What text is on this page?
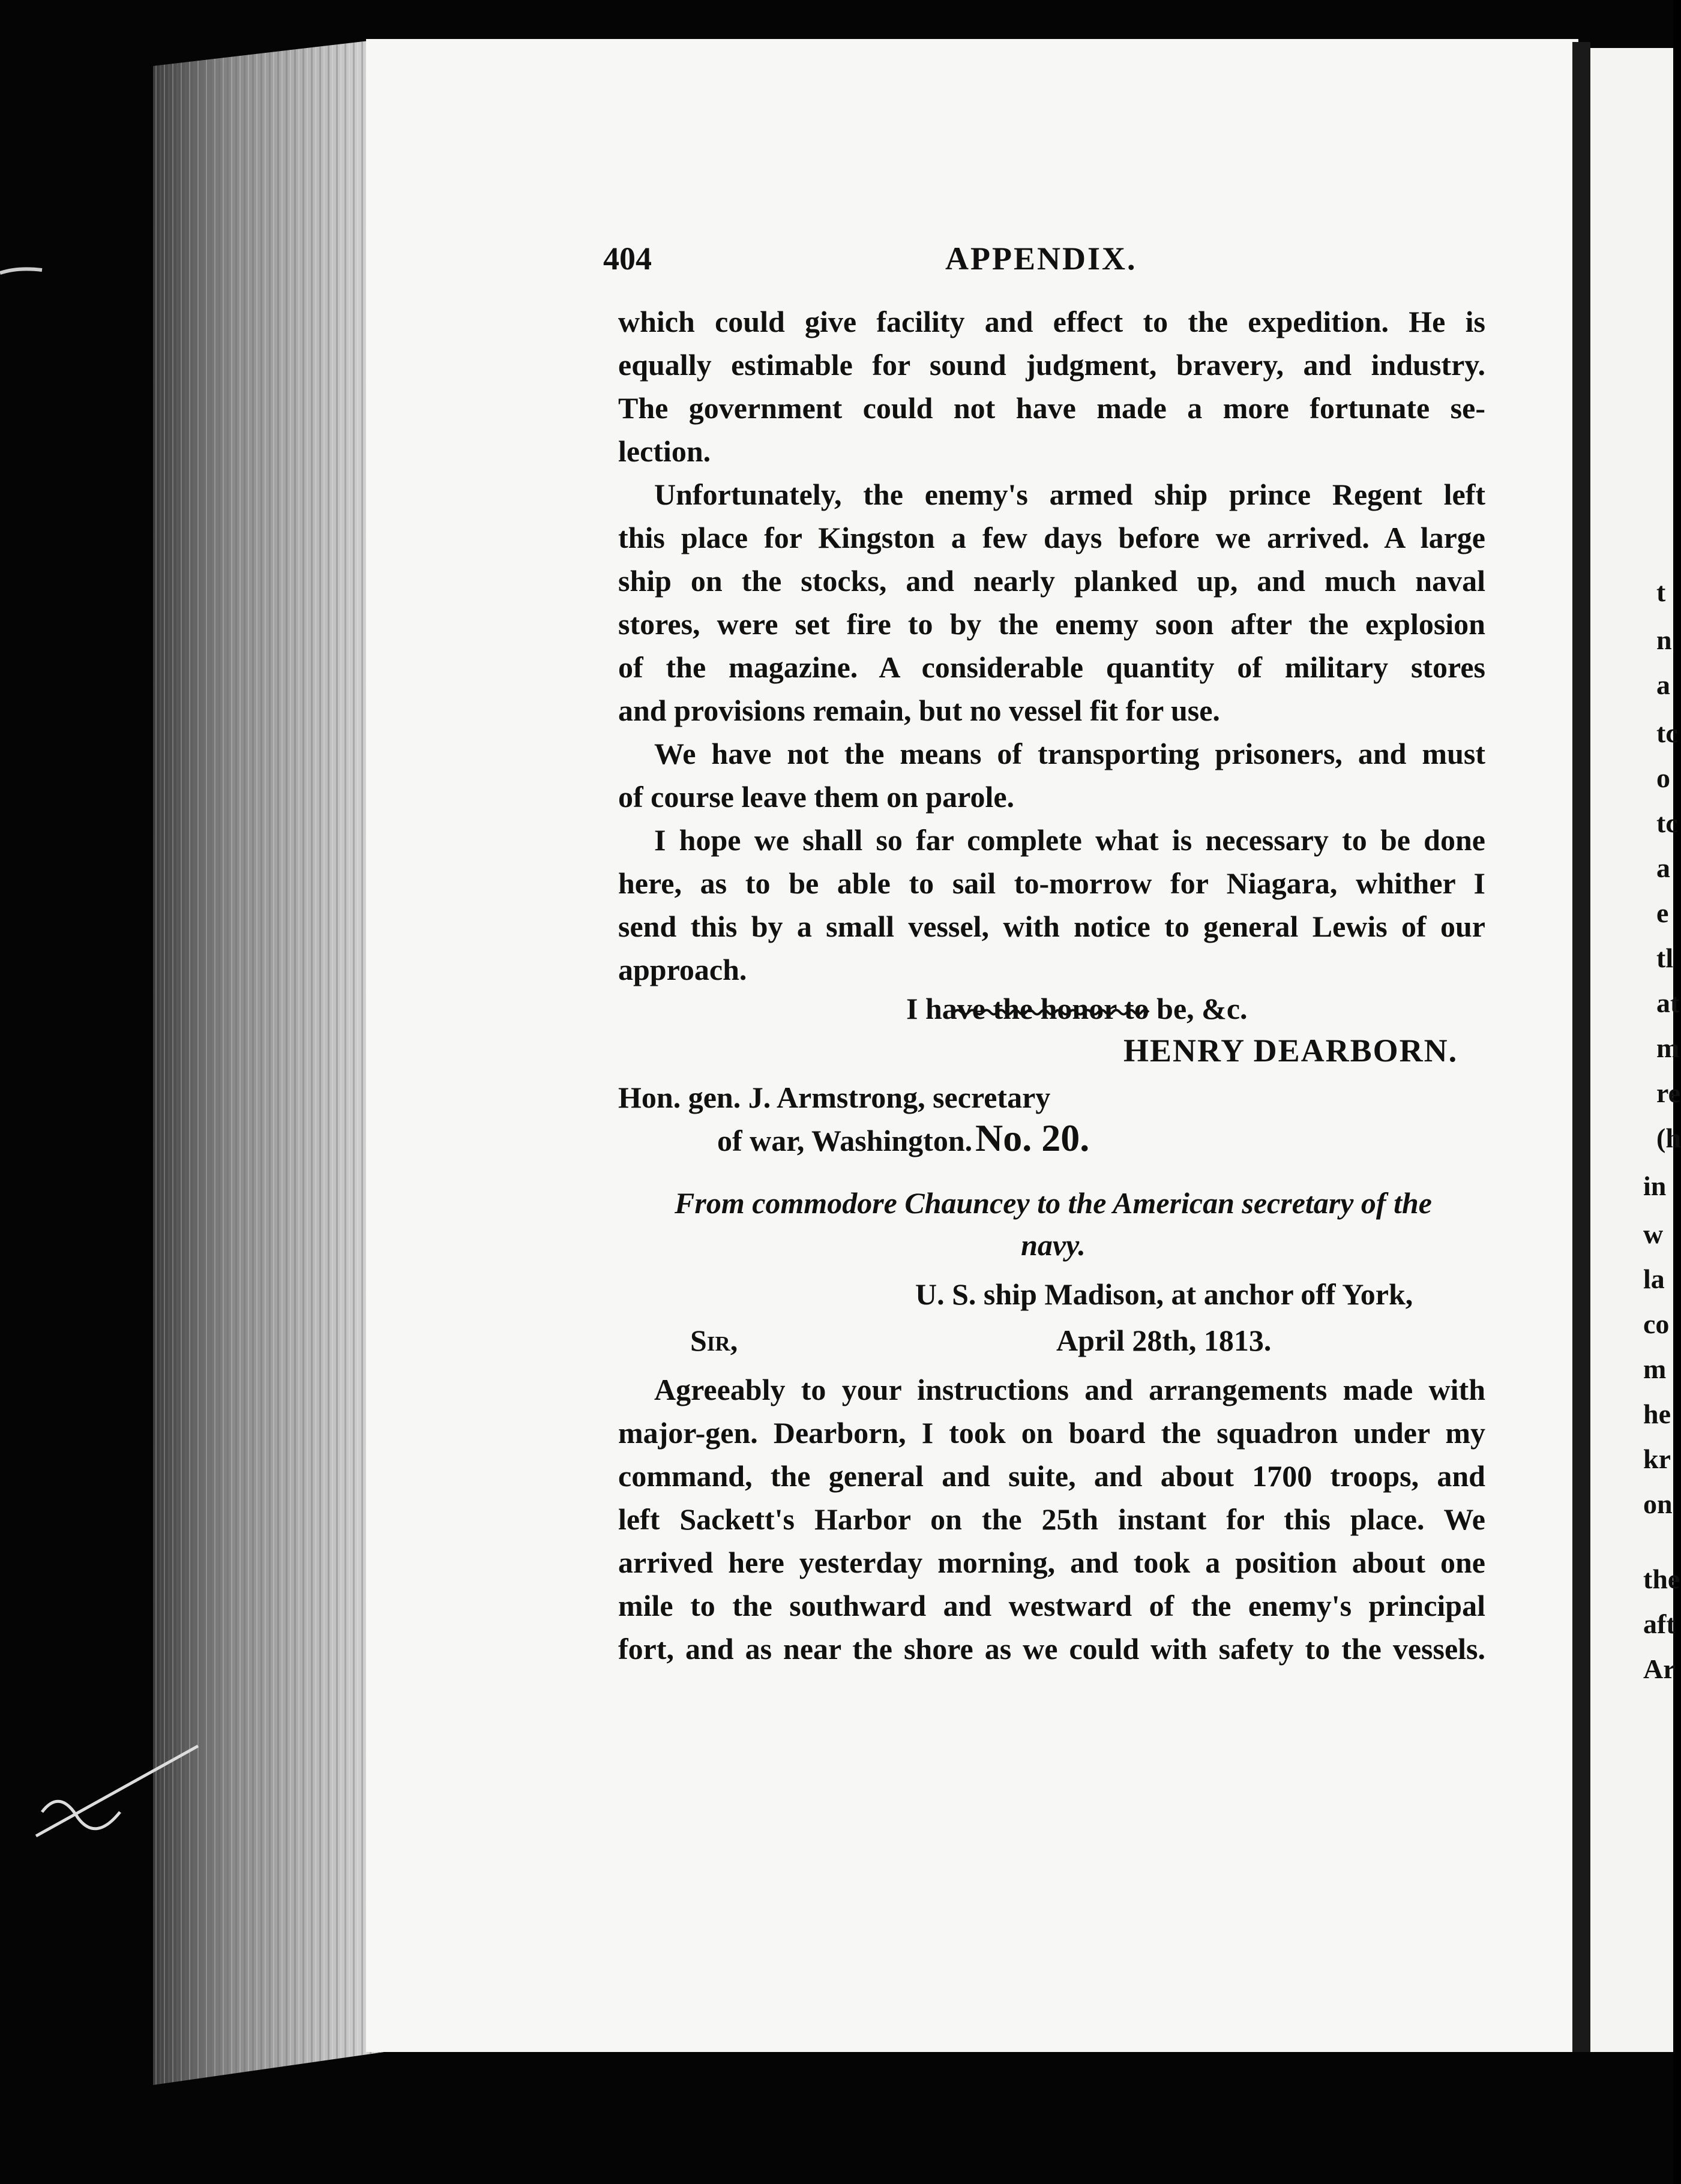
404	APPENDIX.
which could give facility and effect to the expedition. He is
equally estimable for sound judgment, bravery, and industry.
The government could not have made a more fortunate se-
lection.
Unfortunately, the enemy's armed ship prince Regent left
this place for Kingston a few days before we arrived. A large
ship on the stocks, and nearly planked up, and much naval
stores, were set fire to by the enemy soon after the explosion
of the magazine. A considerable quantity of military stores
and provisions remain, but no vessel fit for use.
We have not the means of transporting prisoners, and must
of course leave them on parole.
I hope we shall so far complete what is necessary to be done
here, as to be able to sail to-morrow for Niagara, whither I
send this by a small vessel, with notice to general Lewis of our
approach.
I have the honor to be, &c.
HENRY DEARBORN.
Hon. gen. J. Armstrong, secretary
of war, Washington. No. 20.
From commodore Chauncey to the American secretary of the
navy.
U. S. ship Madison, at anchor off York,
Sir,	April 28th, 1813.
Agreeably to your instructions and arrangements made with
major-gen. Dearborn, I took on board the squadron under my
command, the general and suite, and about 1700 troops, and
left Sackett's Harbor on the 25th instant for this place. We
arrived here yesterday morning, and took a position about one
mile to the southward and westward of the enemy's principal
fort, and as near the shore as we could with safety to the vessels.
t
n
a
tc
o
tc
a
e
tl
at
m
re
(h
in
w
la
co
m
he
kr
on
the
aft
Ar
